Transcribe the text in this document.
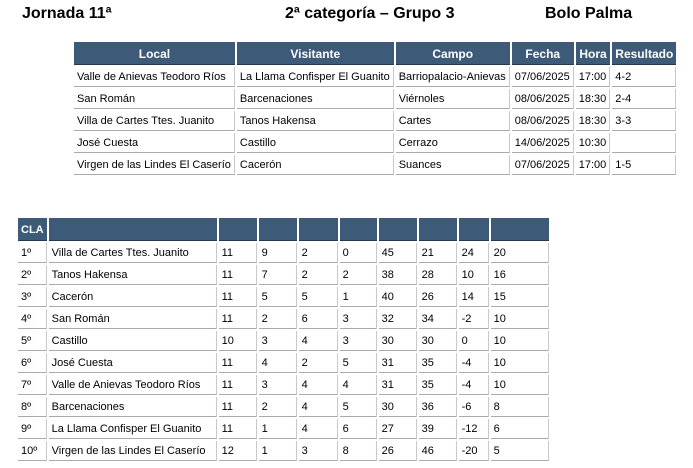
Jornada 11ª	2ª categoría – Grupo 3	Bolo Palma
Local	Visitante	Campo	Fecha	Hora	Resultado
Valle de Anievas Teodoro Ríos	La Llama Confisper El Guanito	Barriopalacio-Anievas	07/06/2025	17:00	4-2
San Román	Barcenaciones	Viérnoles	08/06/2025	18:30	2-4
Villa de Cartes Ttes. Juanito	Tanos Hakensa	Cartes	08/06/2025	18:30	3-3
José Cuesta	Castillo	Cerrazo	14/06/2025	10:30	
Virgen de las Lindes El Caserío	Cacerón	Suances	07/06/2025	17:00	1-5
CLA									
1º	Villa de Cartes Ttes. Juanito	11	9	2	0	45	21	24	20
2º	Tanos Hakensa	11	7	2	2	38	28	10	16
3º	Cacerón	11	5	5	1	40	26	14	15
4º	San Román	11	2	6	3	32	34	-2	10
5º	Castillo	10	3	4	3	30	30	0	10
6º	José Cuesta	11	4	2	5	31	35	-4	10
7º	Valle de Anievas Teodoro Ríos	11	3	4	4	31	35	-4	10
8º	Barcenaciones	11	2	4	5	30	36	-6	8
9º	La Llama Confisper El Guanito	11	1	4	6	27	39	-12	6
10º	Virgen de las Lindes El Caserío	12	1	3	8	26	46	-20	5
